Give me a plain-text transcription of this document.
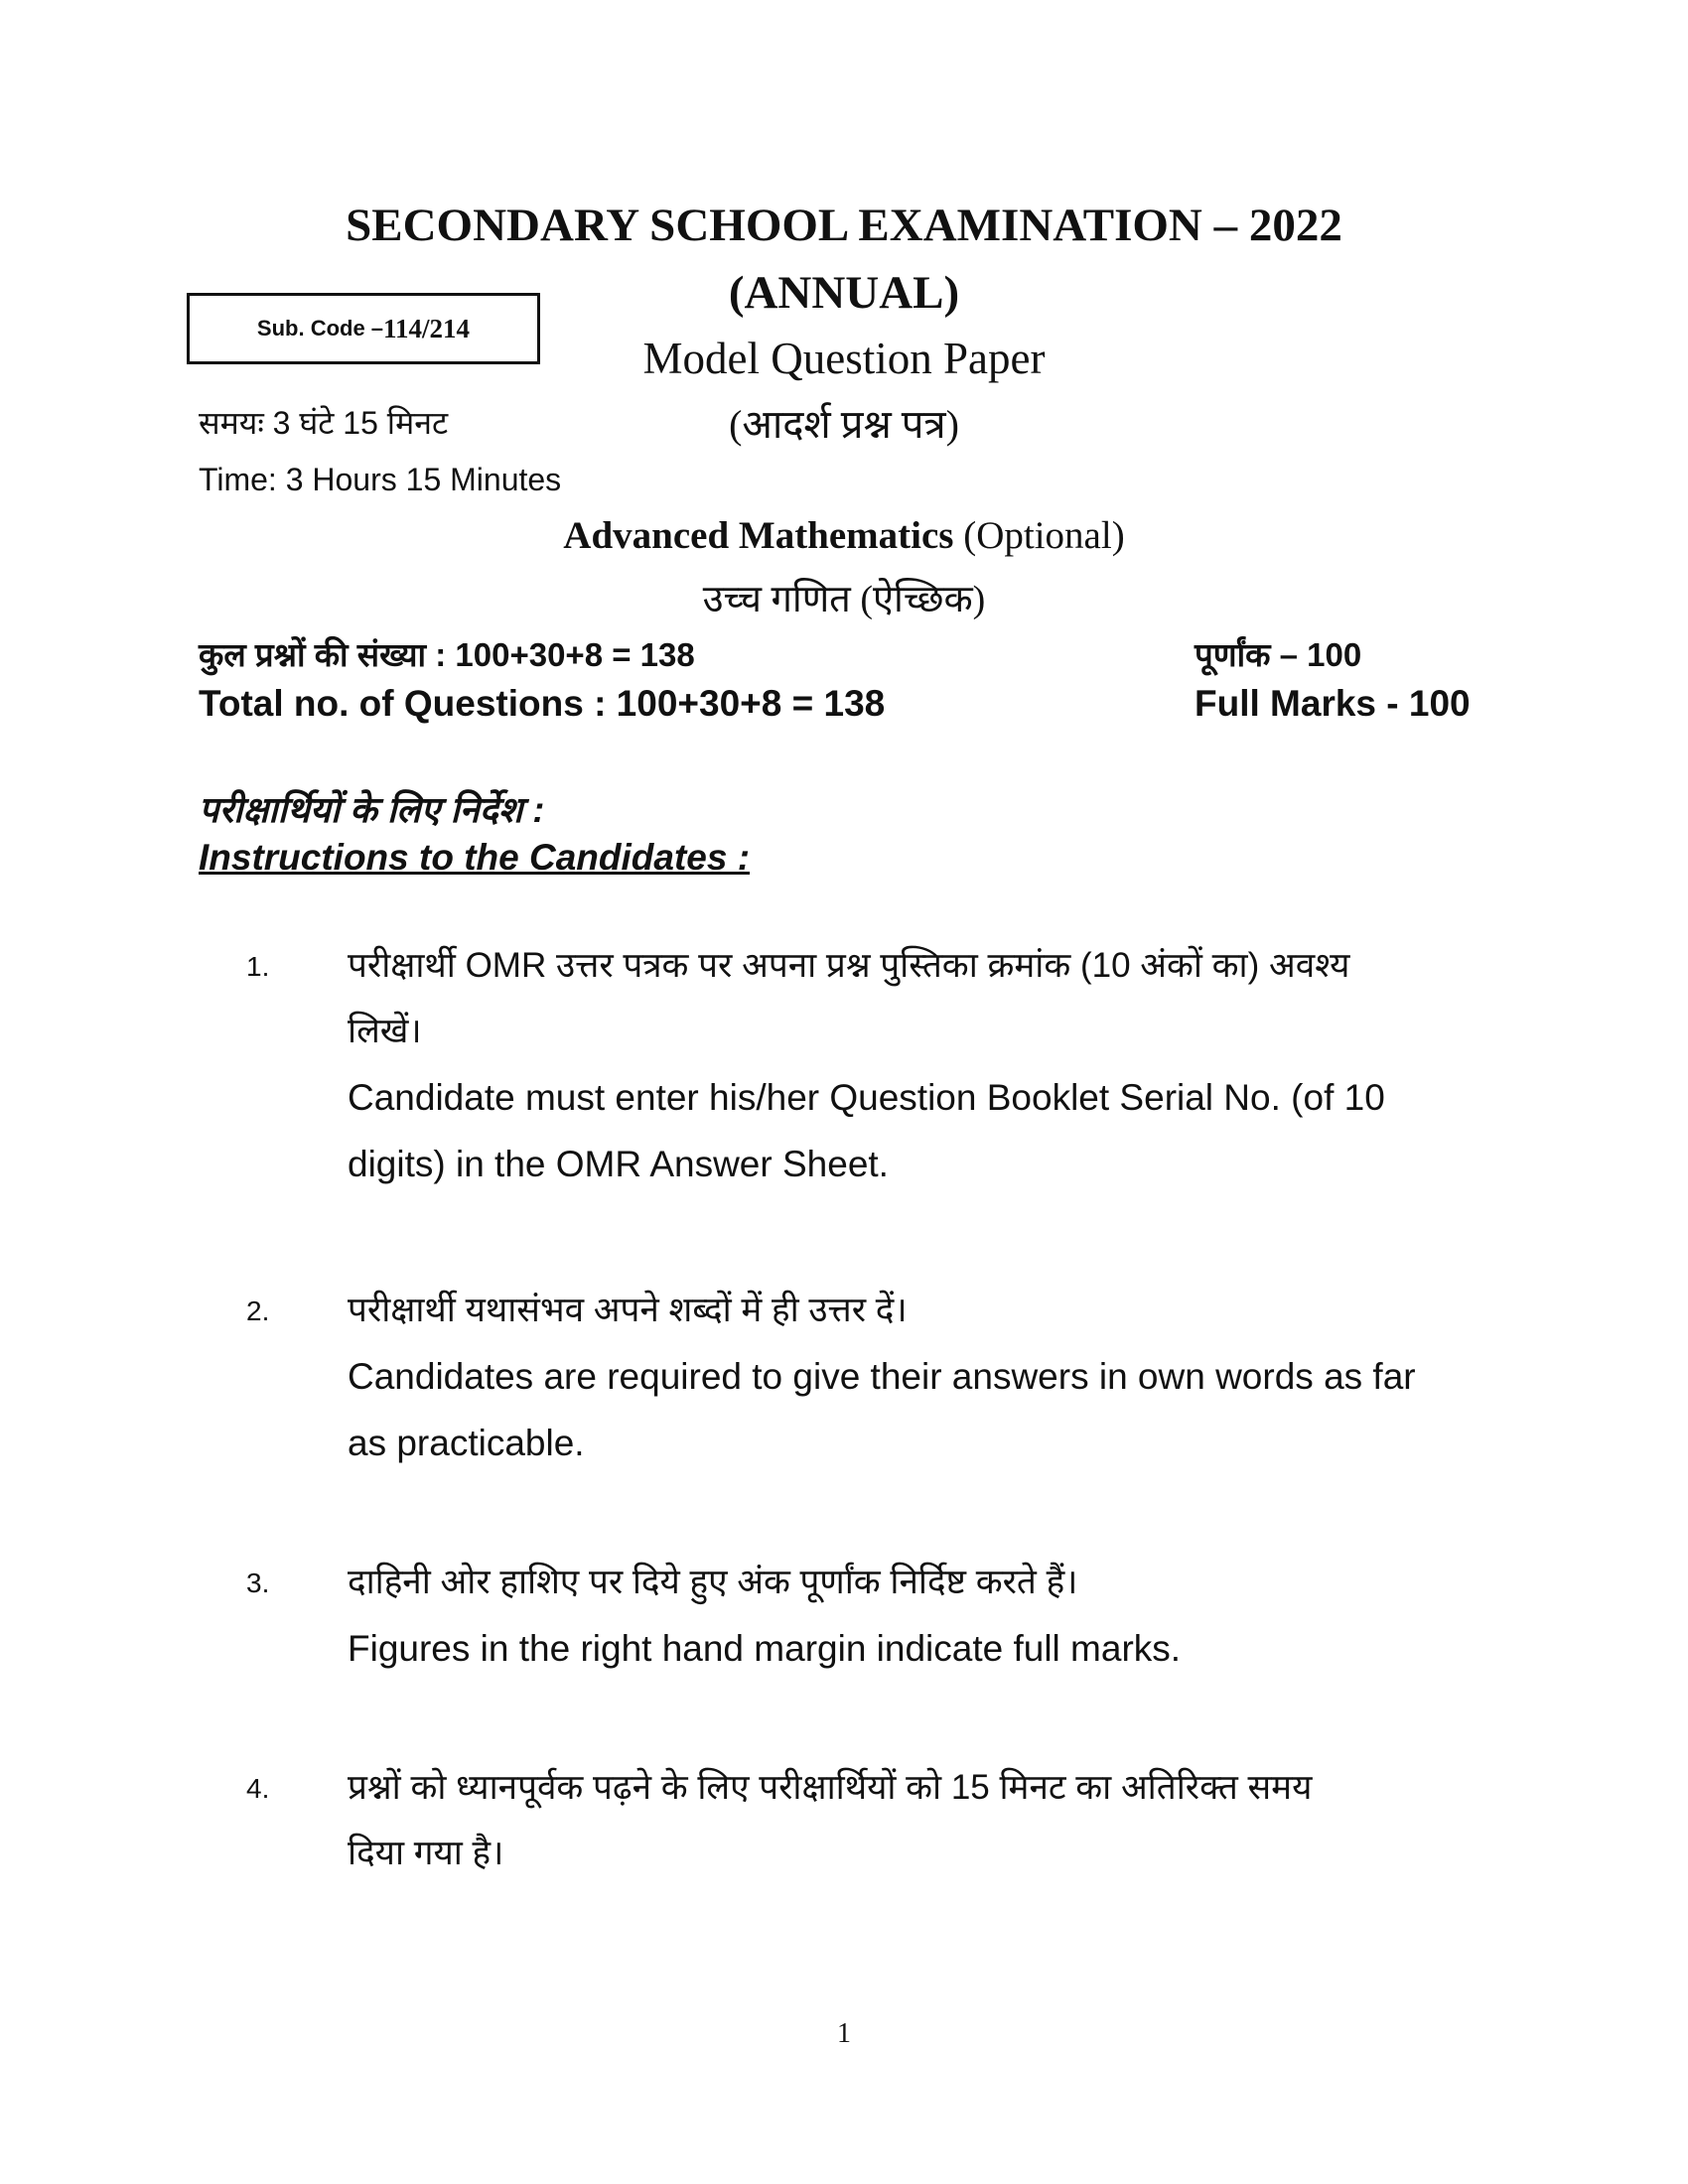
SECONDARY SCHOOL EXAMINATION – 2022
(ANNUAL)
Sub. Code – 114/214
Model Question Paper
(आदर्श प्रश्न पत्र)
समयः 3 घंटे 15 मिनट
Time: 3 Hours 15 Minutes
Advanced Mathematics (Optional)
उच्च गणित (ऐच्छिक)
कुल प्रश्नों की संख्या : 100+30+8 = 138
Total no. of Questions : 100+30+8 = 138
पूर्णांक – 100
Full Marks - 100
परीक्षार्थियों के लिए निर्देश :
Instructions to the Candidates :
1. परीक्षार्थी OMR उत्तर पत्रक पर अपना प्रश्न पुस्तिका क्रमांक (10 अंकों का) अवश्य
लिखें।
Candidate must enter his/her Question Booklet Serial No. (of 10
digits) in the OMR Answer Sheet.
2. परीक्षार्थी यथासंभव अपने शब्दों में ही उत्तर दें।
Candidates are required to give their answers in own words as far
as practicable.
3. दाहिनी ओर हाशिए पर दिये हुए अंक पूर्णांक निर्दिष्ट करते हैं।
Figures in the right hand margin indicate full marks.
4. प्रश्नों को ध्यानपूर्वक पढ़ने के लिए परीक्षार्थियों को 15 मिनट का अतिरिक्त समय
दिया गया है।
1
